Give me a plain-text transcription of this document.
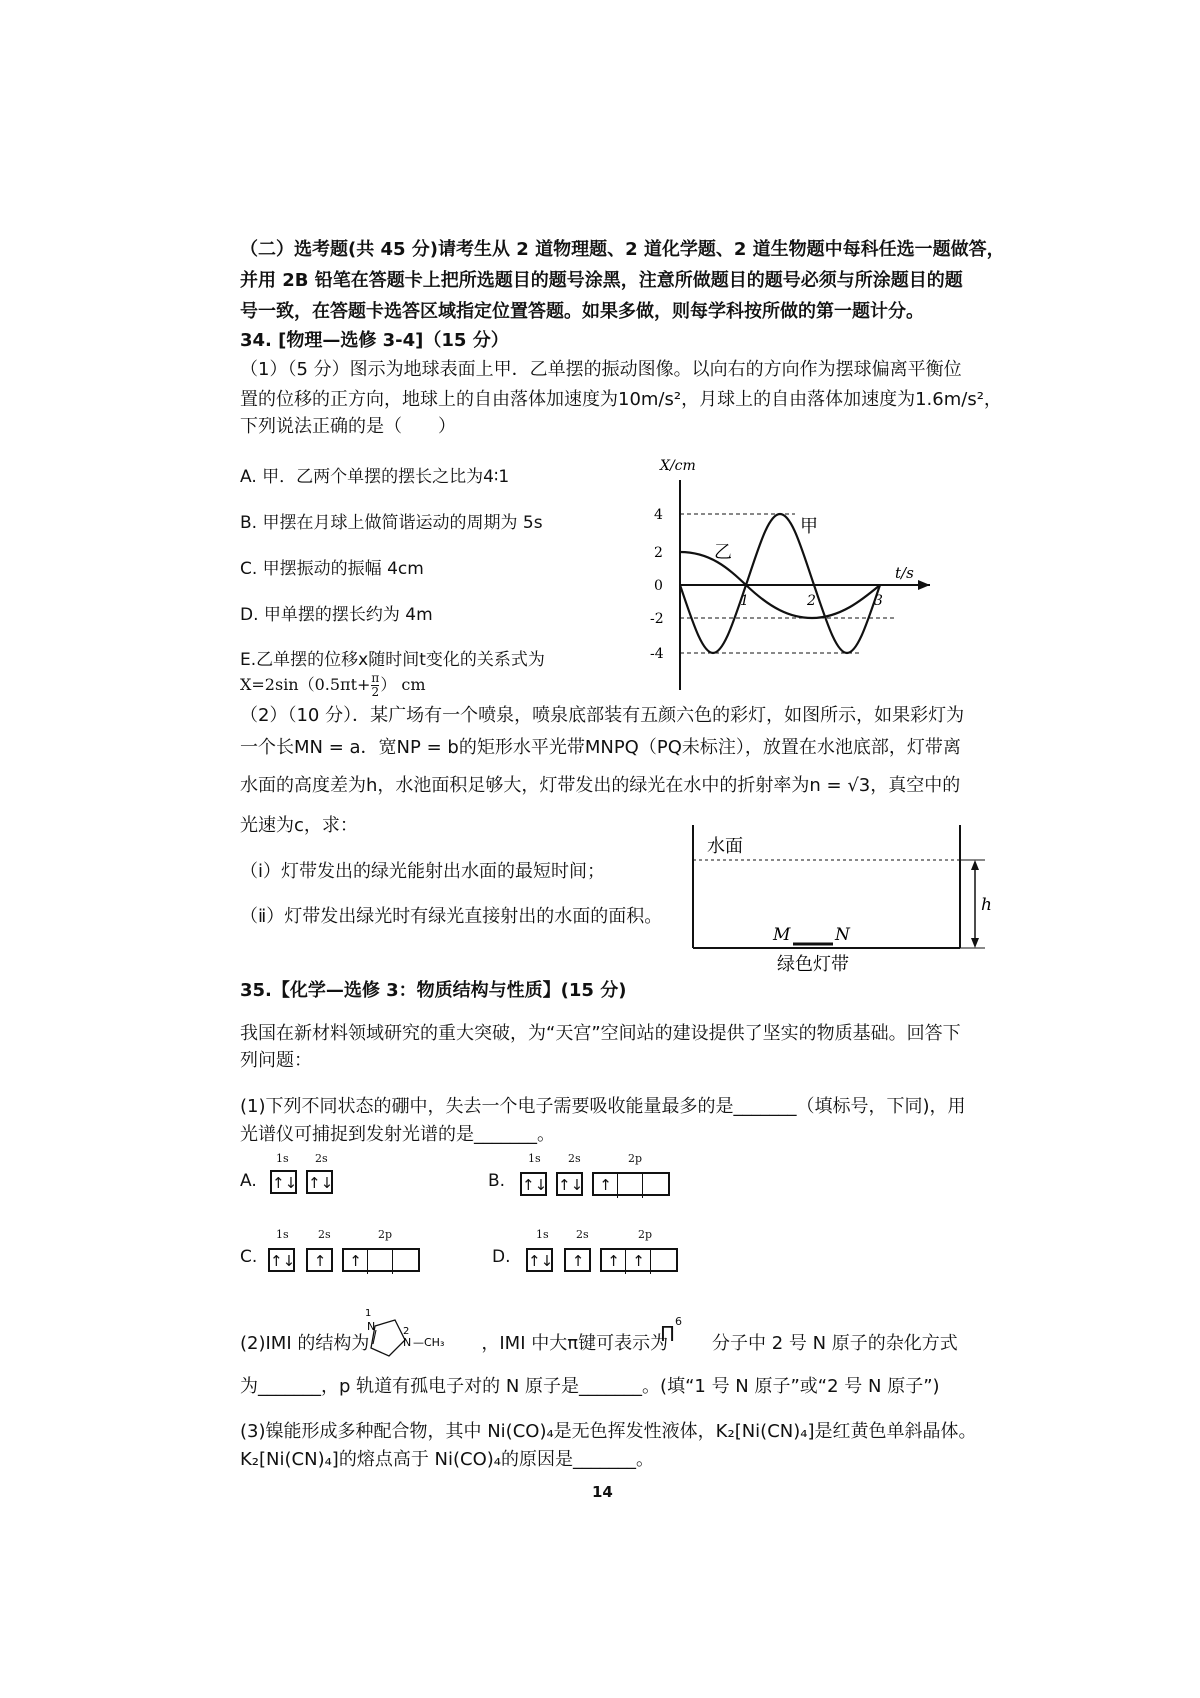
（二）选考题(共 45 分)请考生从 2 道物理题、2 道化学题、2 道生物题中每科任选一题做答，
并用 2B 铅笔在答题卡上把所选题目的题号涂黑，注意所做题目的题号必须与所涂题目的题
号一致，在答题卡选答区域指定位置答题。如果多做，则每学科按所做的第一题计分。
34. [物理—选修 3-4]（15 分）
（1）（5 分）图示为地球表面上甲．乙单摆的振动图像。以向右的方向作为摆球偏离平衡位
置的位移的正方向，地球上的自由落体加速度为10m/s²，月球上的自由落体加速度为1.6m/s²，
下列说法正确的是（　　）
A. 甲．乙两个单摆的摆长之比为4∶1
B. 甲摆在月球上做简谐运动的周期为 5s
C. 甲摆振动的振幅 4cm
D. 甲单摆的摆长约为 4m
E.乙单摆的位移x随时间t变化的关系式为
$X=2\sin(0.5\pi t+ \frac{\pi}{2}$ ） cm
X/cm
t/s
4
2
0
-2
-4
1	2	3
甲
乙
（2）（10 分）．某广场有一个喷泉，喷泉底部装有五颜六色的彩灯，如图所示，如果彩灯为
一个长MN = a．宽NP = b的矩形水平光带MNPQ（PQ未标注），放置在水池底部，灯带离
水面的高度差为h，水池面积足够大，灯带发出的绿光在水中的折射率为n = √3，真空中的
光速为c，求：
（ⅰ）灯带发出的绿光能射出水面的最短时间；
（ⅱ）灯带发出绿光时有绿光直接射出的水面的面积。
水面
h
M	N
绿色灯带
35.【化学—选修 3：物质结构与性质】(15 分)
我国在新材料领域研究的重大突破，为“天宫”空间站的建设提供了坚实的物质基础。回答下
列问题：
(1)下列不同状态的硼中，失去一个电子需要吸收能量最多的是_______（填标号，下同)，用
光谱仪可捕捉到发射光谱的是_______。
A.
1s 2s
↑↓ ↑↓	B.
1s 2s	2p
↑↓ ↑↓	↑
C.
1s	2s	2p
↑↓	↑	↑	D.
1s 2s	2p
↑↓	↑	↑ ↑
(2)IMI 的结构为	，IMI 中大π键可表示为
$\Pi^6$
分子中 2 号 N 原子的杂化方式
1
N	2
N —CH₃
为_______，p 轨道有孤电子对的 N 原子是_______。(填“1 号 N 原子”或“2 号 N 原子”)
(3)镍能形成多种配合物，其中 Ni(CO)₄是无色挥发性液体，K₂[Ni(CN)₄]是红黄色单斜晶体。
K₂[Ni(CN)₄]的熔点高于 Ni(CO)₄的原因是_______。
14
